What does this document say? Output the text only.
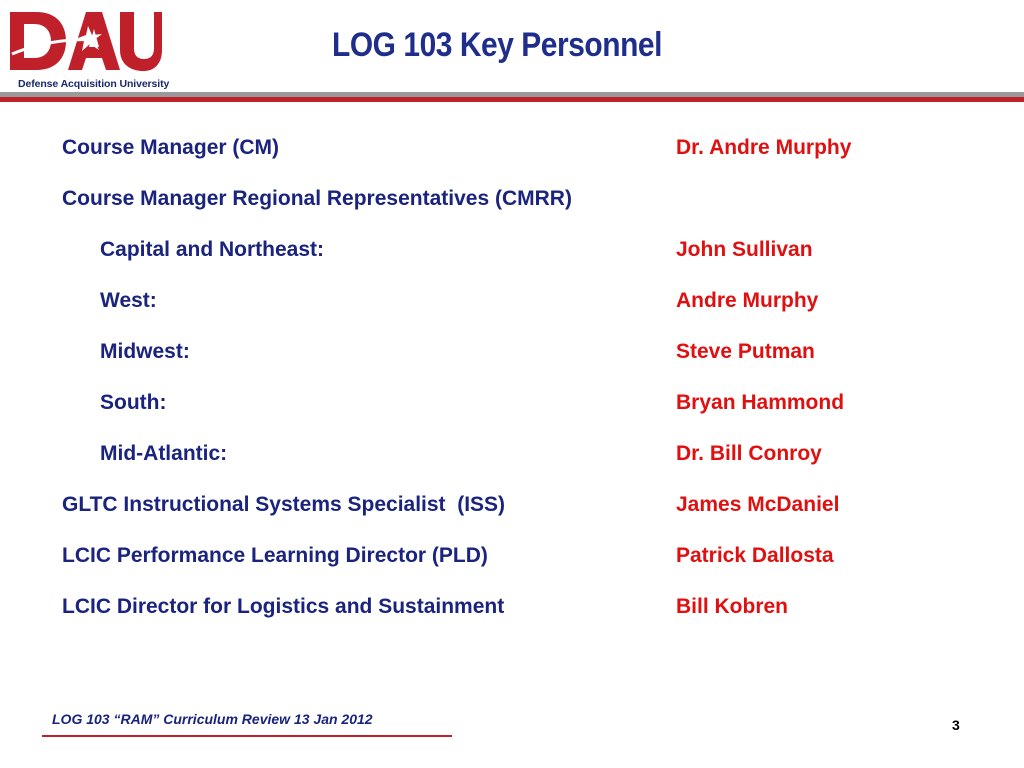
Defense Acquisition University
LOG 103 Key Personnel
Course Manager (CM)	Dr. Andre Murphy
Course Manager Regional Representatives (CMRR)
Capital and Northeast:	John Sullivan
West:	Andre Murphy
Midwest:	Steve Putman
South:	Bryan Hammond
Mid-Atlantic:	Dr. Bill Conroy
GLTC Instructional Systems Specialist  (ISS)	James McDaniel
LCIC Performance Learning Director (PLD)	Patrick Dallosta
LCIC Director for Logistics and Sustainment	Bill Kobren
LOG 103 “RAM” Curriculum Review 13 Jan 2012	3
